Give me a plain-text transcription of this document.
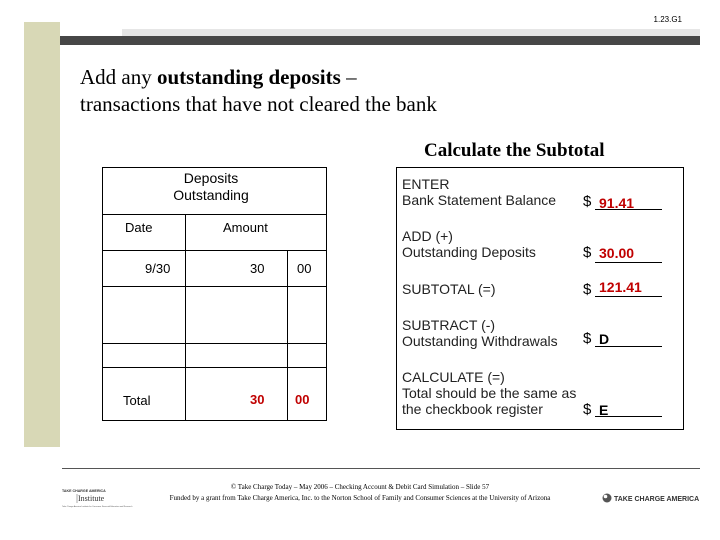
1.23.G1
Add any outstanding deposits – transactions that have not cleared the bank
Calculate the Subtotal
Deposits
Outstanding
Date	Amount
9/30	30	00
Total	30 00
ENTER
Bank Statement Balance $ 91.41
ADD (+)
Outstanding Deposits	$ 30.00
SUBTOTAL (=)	$ 121.41
SUBTRACT (-)
Outstanding Withdrawals $ D
CALCULATE (=)
Total should be the same as
the checkbook register	$ E
© Take Charge Today – May 2006 – Checking Account & Debit Card Simulation – Slide 57
Funded by a grant from Take Charge America, Inc. to the Norton School of Family and Consumer Sciences at the University of Arizona
TAKE CHARGE AMERICA
Institute
Take Charge America Institute for Consumer Financial Education and Research
TAKE CHARGE AMERICA
